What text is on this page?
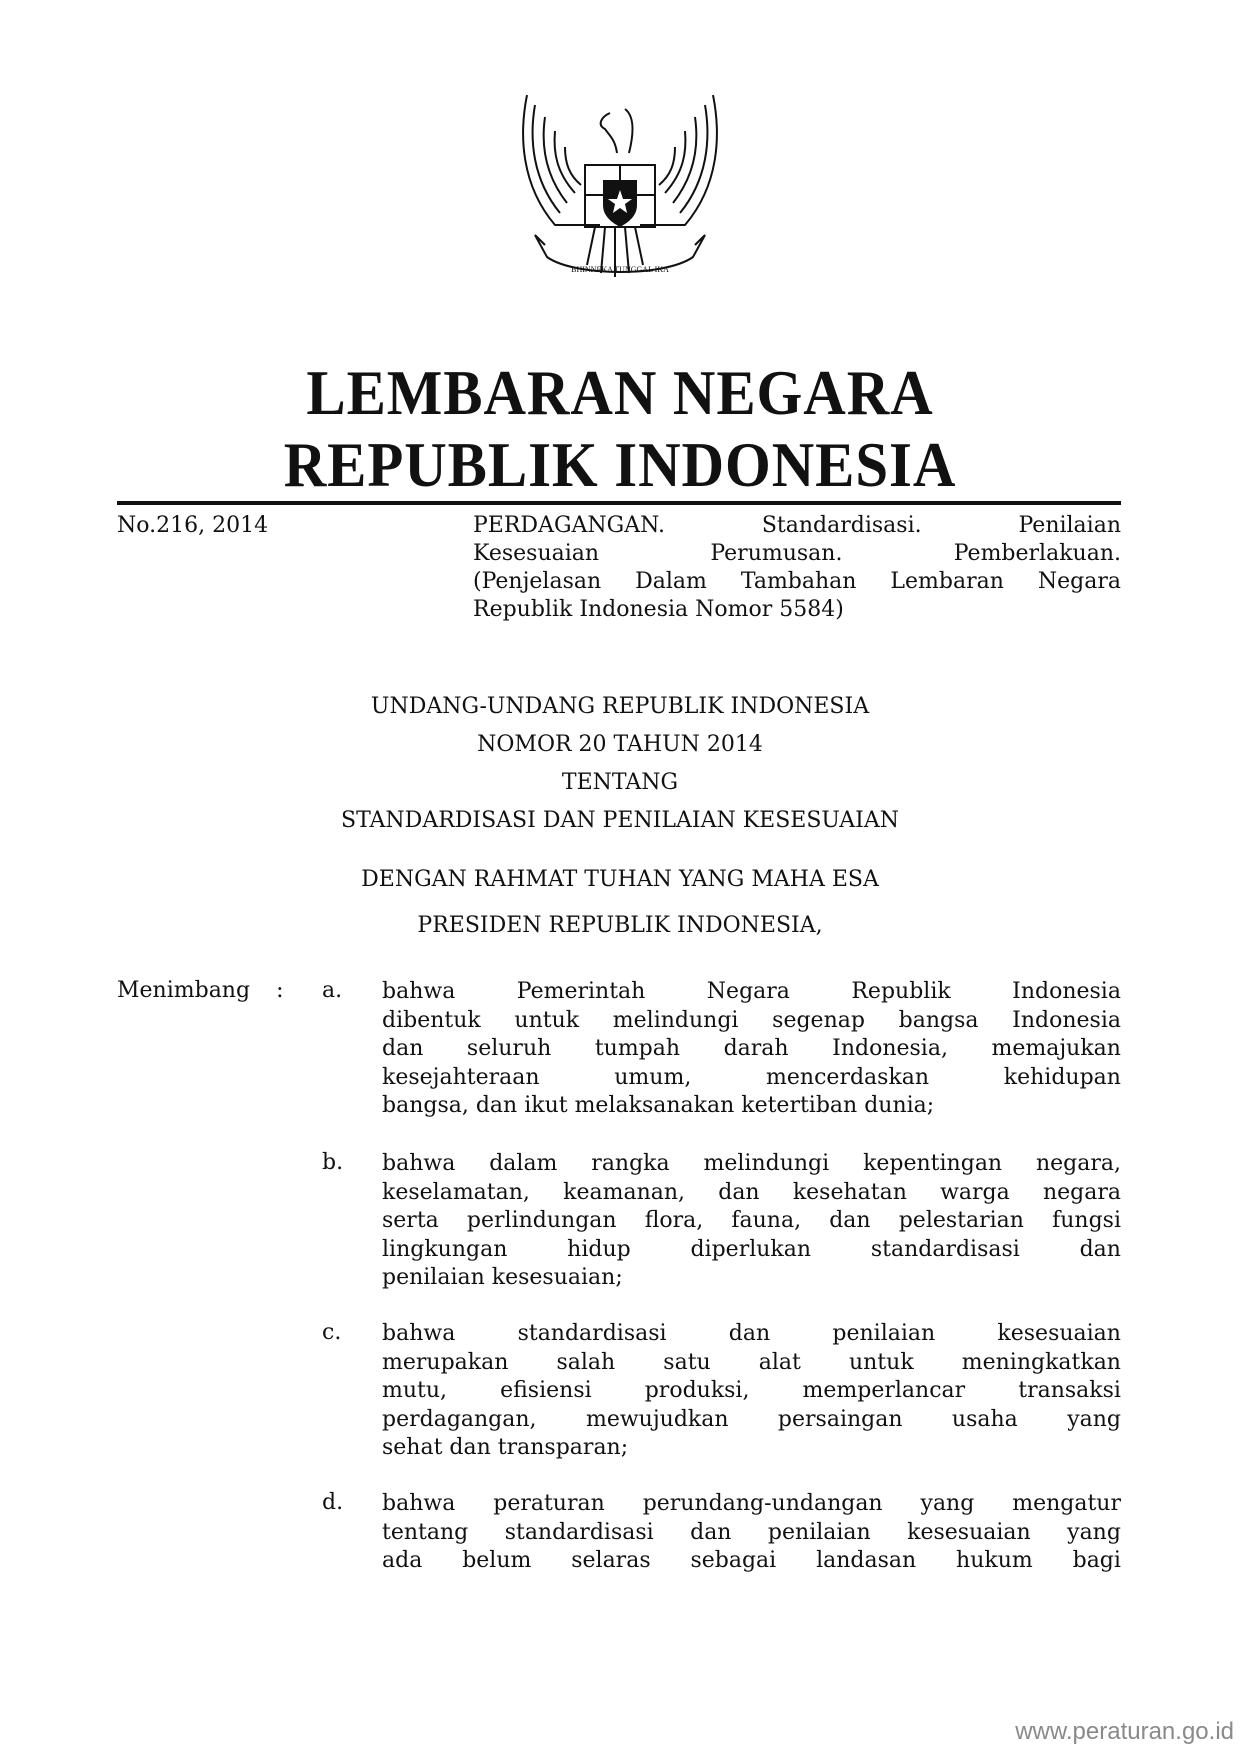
BHINNEKA TUNGGAL IKA
LEMBARAN NEGARA
REPUBLIK INDONESIA
No.216, 2014	PERDAGANGAN.	Standardisasi.	Penilaian
Kesesuaian	Perumusan.	Pemberlakuan.
(Penjelasan Dalam Tambahan Lembaran Negara
Republik Indonesia Nomor 5584)
UNDANG-UNDANG REPUBLIK INDONESIA
NOMOR 20 TAHUN 2014
TENTANG
STANDARDISASI DAN PENILAIAN KESESUAIAN
DENGAN RAHMAT TUHAN YANG MAHA ESA
PRESIDEN REPUBLIK INDONESIA,
Menimbang : a. bahwa	Pemerintah	Negara	Republik	Indonesia
dibentuk untuk melindungi segenap bangsa Indonesia
dan seluruh tumpah darah Indonesia, memajukan
kesejahteraan	umum,	mencerdaskan	kehidupan
bangsa, dan ikut melaksanakan ketertiban dunia;
b. bahwa dalam rangka melindungi kepentingan negara,
keselamatan, keamanan, dan kesehatan warga negara
serta perlindungan flora, fauna, dan pelestarian fungsi
lingkungan	hidup	diperlukan	standardisasi	dan
penilaian kesesuaian;
c. bahwa	standardisasi	dan	penilaian	kesesuaian
merupakan salah satu alat untuk meningkatkan
mutu, efisiensi produksi, memperlancar transaksi
perdagangan, mewujudkan persaingan usaha yang
sehat dan transparan;
d. bahwa peraturan perundang-undangan yang mengatur
tentang standardisasi dan penilaian kesesuaian yang
ada belum selaras sebagai landasan hukum bagi
www.peraturan.go.id
